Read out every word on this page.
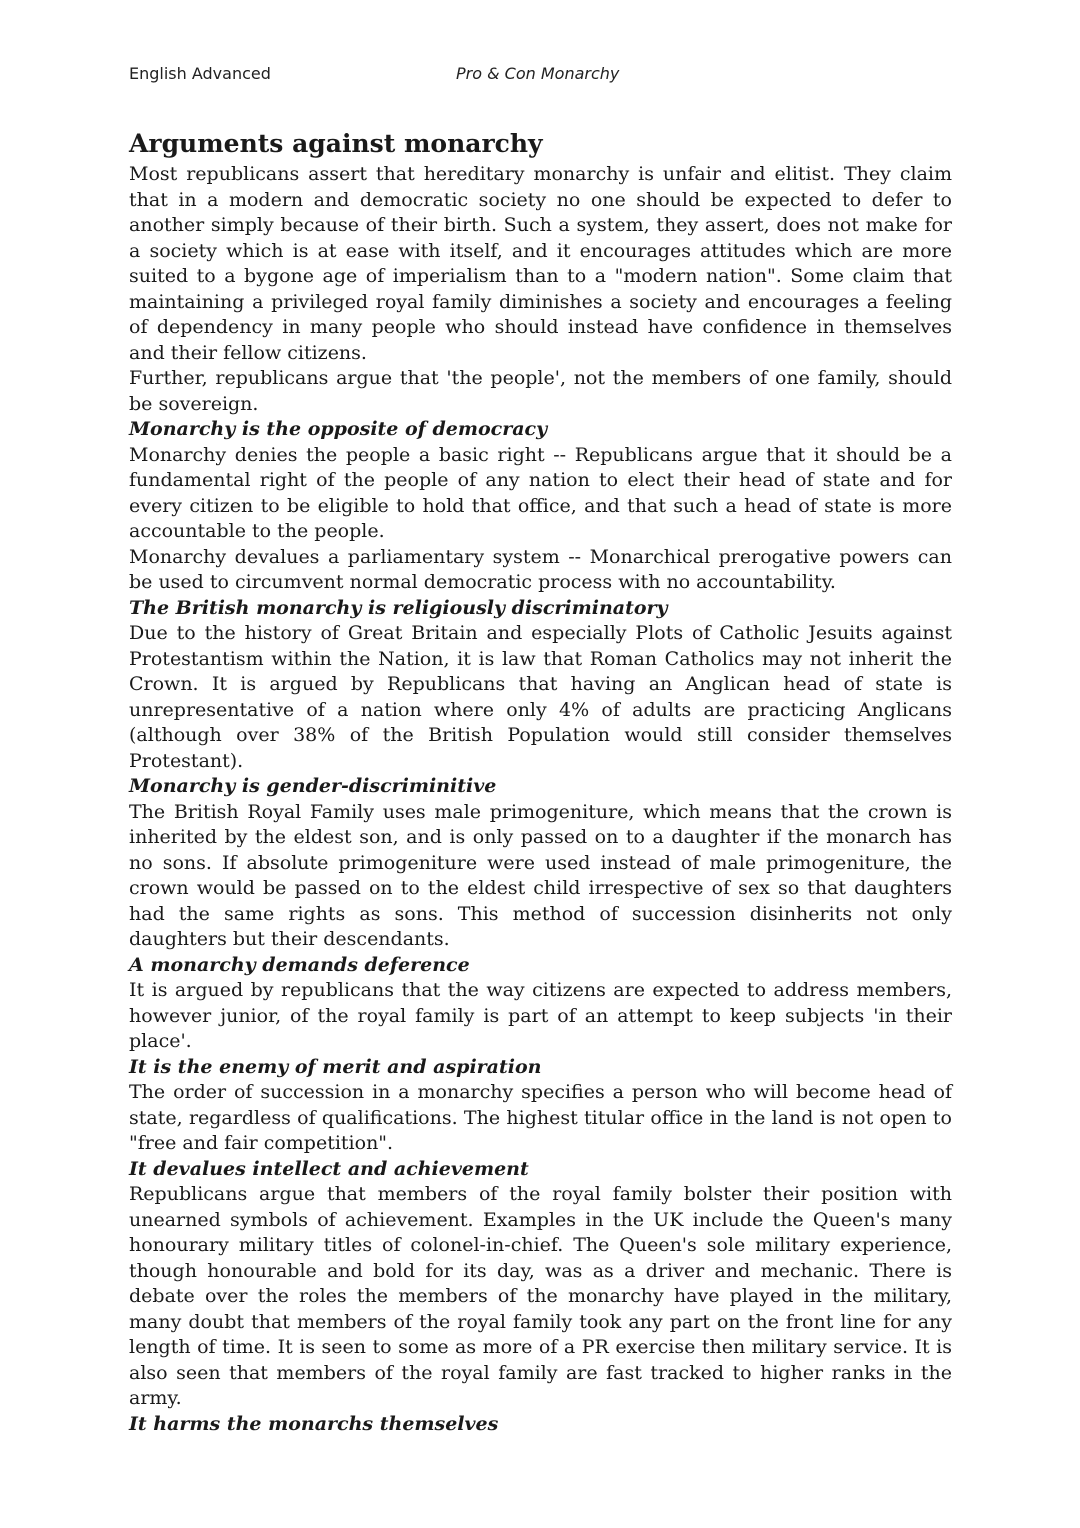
English Advanced	Pro & Con Monarchy
Arguments against monarchy

Most republicans assert that hereditary monarchy is unfair and elitist. They claim that in a modern and democratic society no one should be expected to defer to another simply because of their birth. Such a system, they assert, does not make for a society which is at ease with itself, and it encourages attitudes which are more suited to a bygone age of imperialism than to a "modern nation". Some claim that maintaining a privileged royal family diminishes a society and encourages a feeling of dependency in many people who should instead have confidence in themselves and their fellow citizens.

Further, republicans argue that 'the people', not the members of one family, should be sovereign.

Monarchy is the opposite of democracy

Monarchy denies the people a basic right -- Republicans argue that it should be a fundamental right of the people of any nation to elect their head of state and for every citizen to be eligible to hold that office, and that such a head of state is more accountable to the people.

Monarchy devalues a parliamentary system -- Monarchical prerogative powers can be used to circumvent normal democratic process with no accountability.

The British monarchy is religiously discriminatory

Due to the history of Great Britain and especially Plots of Catholic Jesuits against Protestantism within the Nation, it is law that Roman Catholics may not inherit the Crown. It is argued by Republicans that having an Anglican head of state is unrepresentative of a nation where only 4% of adults are practicing Anglicans (although over 38% of the British Population would still consider themselves Protestant).

Monarchy is gender-discriminitive

The British Royal Family uses male primogeniture, which means that the crown is inherited by the eldest son, and is only passed on to a daughter if the monarch has no sons. If absolute primogeniture were used instead of male primogeniture, the crown would be passed on to the eldest child irrespective of sex so that daughters had the same rights as sons. This method of succession disinherits not only daughters but their descendants.

A monarchy demands deference

It is argued by republicans that the way citizens are expected to address members, however junior, of the royal family is part of an attempt to keep subjects 'in their place'.

It is the enemy of merit and aspiration

The order of succession in a monarchy specifies a person who will become head of state, regardless of qualifications. The highest titular office in the land is not open to "free and fair competition".

It devalues intellect and achievement

Republicans argue that members of the royal family bolster their position with unearned symbols of achievement. Examples in the UK include the Queen's many honourary military titles of colonel-in-chief. The Queen's sole military experience, though honourable and bold for its day, was as a driver and mechanic. There is debate over the roles the members of the monarchy have played in the military, many doubt that members of the royal family took any part on the front line for any length of time. It is seen to some as more of a PR exercise then military service. It is also seen that members of the royal family are fast tracked to higher ranks in the army.

It harms the monarchs themselves
